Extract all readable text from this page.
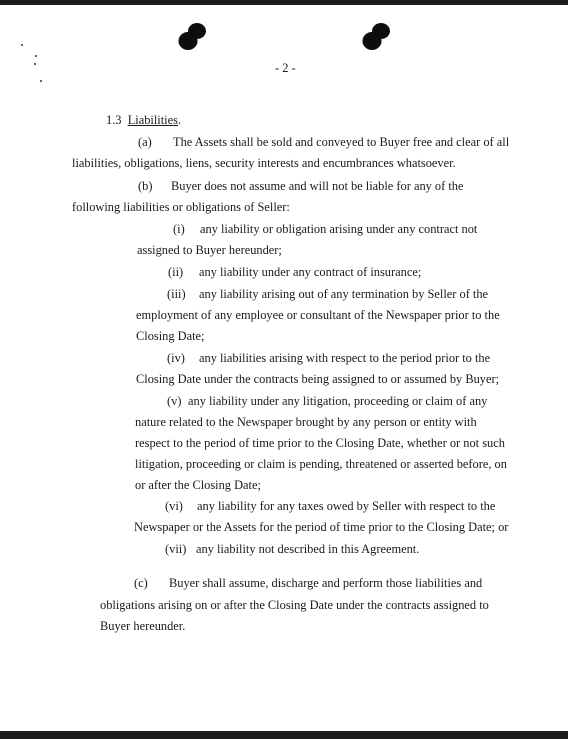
- 2 -
1.3 Liabilities.
(a) The Assets shall be sold and conveyed to Buyer free and clear of all
liabilities, obligations, liens, security interests and encumbrances whatsoever.
(b) Buyer does not assume and will not be liable for any of the
following liabilities or obligations of Seller:
(i) any liability or obligation arising under any contract not
assigned to Buyer hereunder;
(ii) any liability under any contract of insurance;
(iii) any liability arising out of any termination by Seller of the
employment of any employee or consultant of the Newspaper prior to the
Closing Date;
(iv) any liabilities arising with respect to the period prior to the
Closing Date under the contracts being assigned to or assumed by Buyer;
(v) any liability under any litigation, proceeding or claim of any
nature related to the Newspaper brought by any person or entity with
respect to the period of time prior to the Closing Date, whether or not such
litigation, proceeding or claim is pending, threatened or asserted before, on
or after the Closing Date;
(vi) any liability for any taxes owed by Seller with respect to the
Newspaper or the Assets for the period of time prior to the Closing Date; or
(vii) any liability not described in this Agreement.
(c) Buyer shall assume, discharge and perform those liabilities and
obligations arising on or after the Closing Date under the contracts assigned to
Buyer hereunder.
